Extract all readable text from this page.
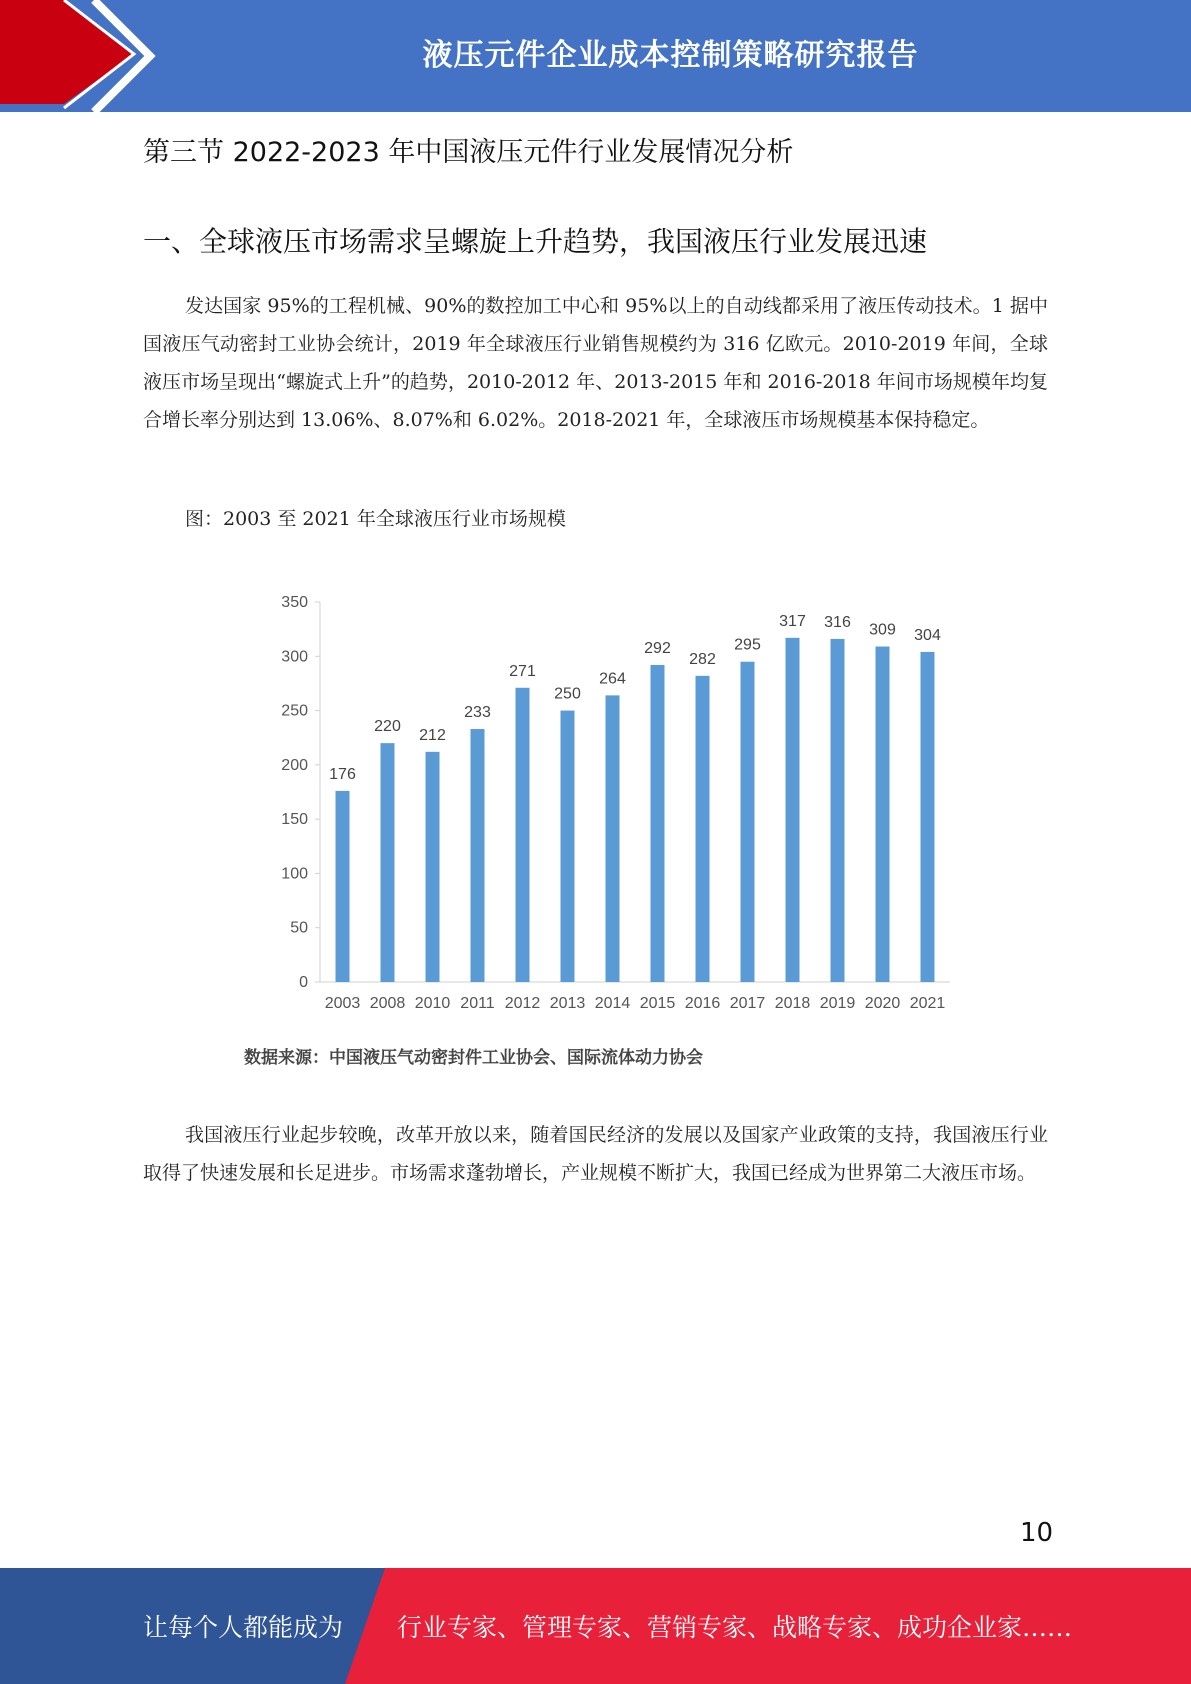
液压元件企业成本控制策略研究报告
第三节 2022-2023 年中国液压元件行业发展情况分析
一、全球液压市场需求呈螺旋上升趋势，我国液压行业发展迅速

发达国家 95%的工程机械、90%的数控加工中心和 95%以上的自动线都采用了液压传动技术。1 据中国液压气动密封工业协会统计，2019 年全球液压行业销售规模约为 316 亿欧元。2010-2019 年间，全球液压市场呈现出“螺旋式上升”的趋势，2010-2012 年、2013-2015 年和 2016-2018 年间市场规模年均复合增长率分别达到 13.06%、8.07%和 6.02%。2018-2021 年，全球液压市场规模基本保持稳定。

图：2003 至 2021 年全球液压行业市场规模
0
50
100
150
200
250
300
350
176
2003
220
2008
212
2010
233
2011
271
2012
250
2013
264
2014
292
2015
282
2016
295
2017
317
2018
316
2019
309
2020
304
2021
数据来源：中国液压气动密封件工业协会、国际流体动力协会

我国液压行业起步较晚，改革开放以来，随着国民经济的发展以及国家产业政策的支持，我国液压行业取得了快速发展和长足进步。市场需求蓬勃增长，产业规模不断扩大，我国已经成为世界第二大液压市场。

10
让每个人都能成为 行业专家、管理专家、营销专家、战略专家、成功企业家……
